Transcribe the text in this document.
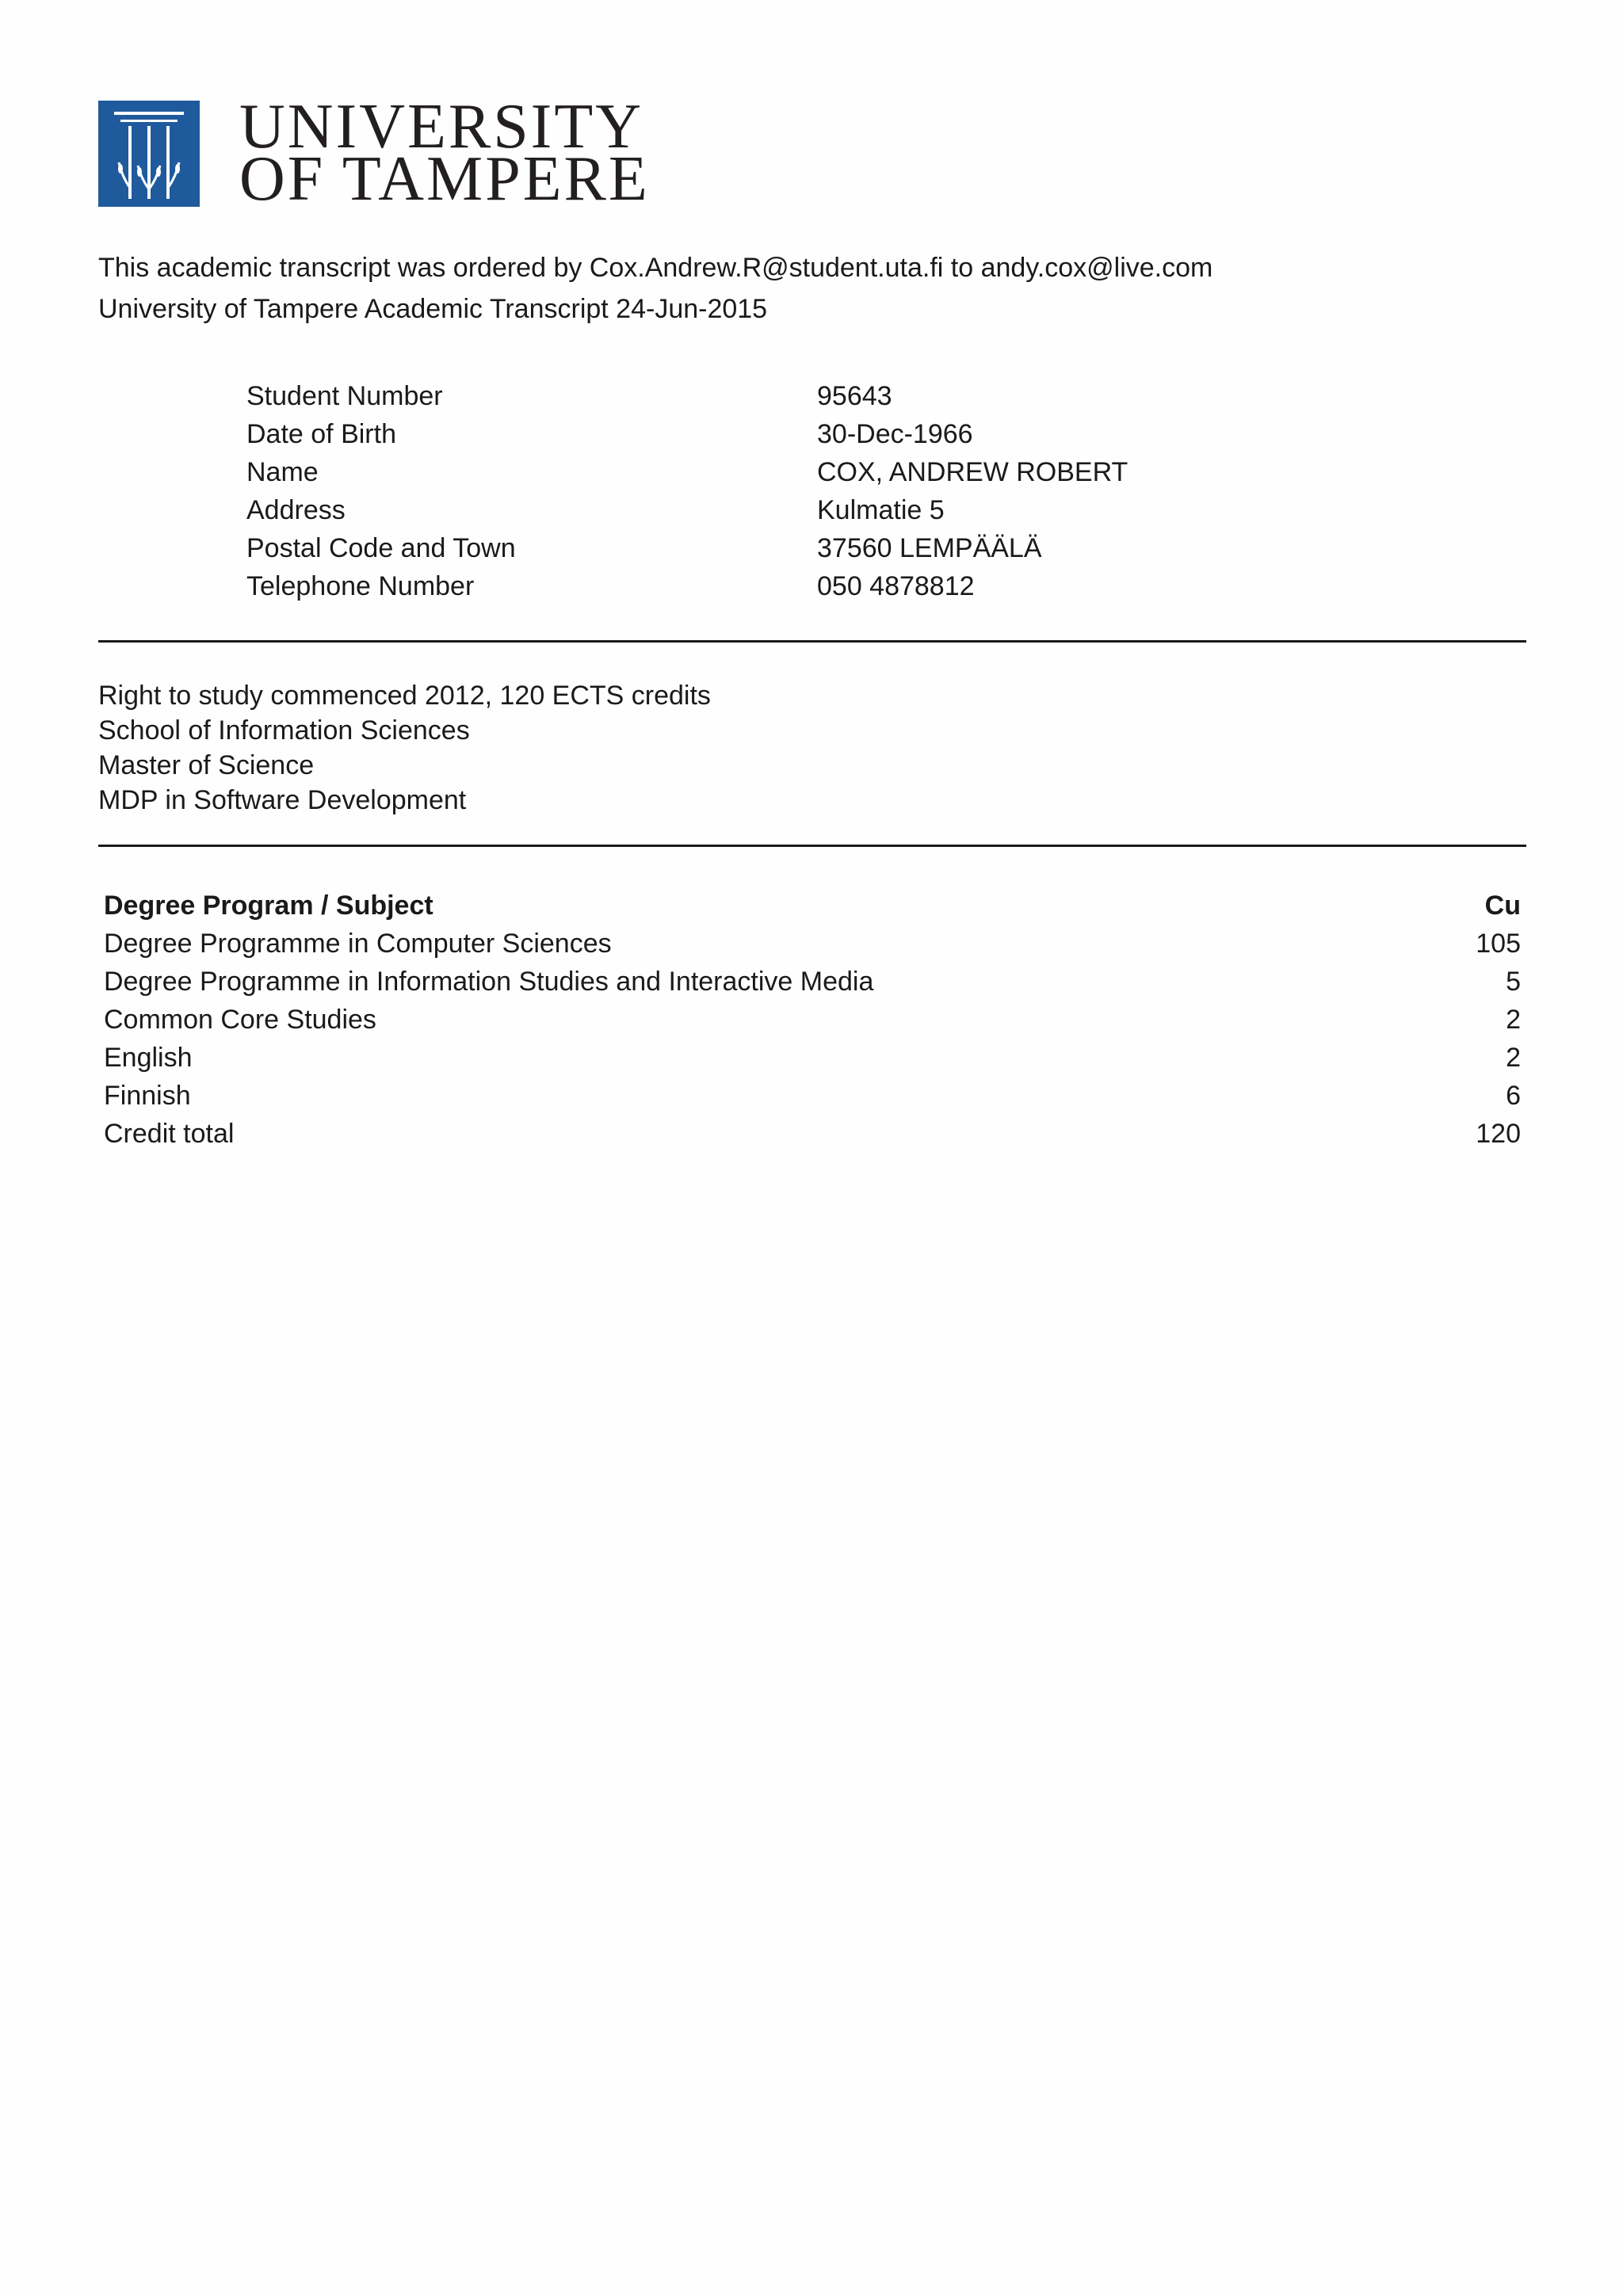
UNIVERSITY
OF TAMPERE
This academic transcript was ordered by Cox.Andrew.R@student.uta.fi to andy.cox@live.com
University of Tampere Academic Transcript 24-Jun-2015
Student Number	95643
Date of Birth	30-Dec-1966
Name	COX, ANDREW ROBERT
Address	Kulmatie 5
Postal Code and Town	37560 LEMPÄÄLÄ
Telephone Number	050 4878812
Right to study commenced 2012, 120 ECTS credits
School of Information Sciences
Master of Science
MDP in Software Development
Degree Program / Subject	Cu
Degree Programme in Computer Sciences	105
Degree Programme in Information Studies and Interactive Media	5
Common Core Studies	2
English	2
Finnish	6
Credit total	120
